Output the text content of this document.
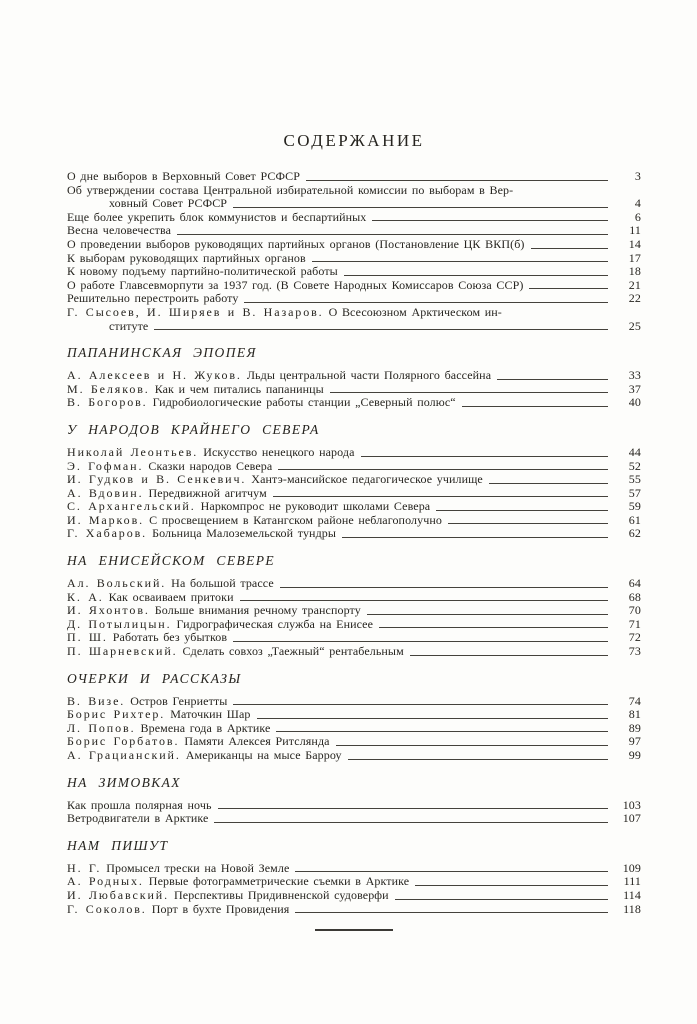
СОДЕРЖАНИЕ
О дне выборов в Верховный Совет РСФСР	3
Об утверждении состава Центральной избирательной комиссии по выборам в Вер-
ховный Совет РСФСР	4
Еще более укрепить блок коммунистов и беспартийных	6
Весна человечества	11
О проведении выборов руководящих партийных органов (Постановление ЦК ВКП(б)	14
К выборам руководящих партийных органов	17
К новому подъему партийно-политической работы	18
О работе Главсевморпути за 1937 год. (В Совете Народных Комиссаров Союза ССР)	21
Решительно перестроить работу	22
Г. Сысоев, И. Ширяев и В. Назаров. О Всесоюзном Арктическом ин-
ституте	25
ПАПАНИНСКАЯ ЭПОПЕЯ
А. Алексеев и Н. Жуков. Льды центральной части Полярного бассейна	33
М. Беляков. Как и чем питались папанинцы	37
В. Богоров. Гидробиологические работы станции „Северный полюс“	40
У НАРОДОВ КРАЙНЕГО СЕВЕРА
Николай Леонтьев. Искусство ненецкого народа	44
Э. Гофман. Сказки народов Севера	52
И. Гудков и В. Сенкевич. Хантэ-мансийское педагогическое училище	55
А. Вдовин. Передвижной агитчум	57
С. Архангельский. Наркомпрос не руководит школами Севера	59
И. Марков. С просвещением в Катангском районе неблагополучно	61
Г. Хабаров. Больница Малоземельской тундры	62
НА ЕНИСЕЙСКОМ СЕВЕРЕ
Ал. Вольский. На большой трассе	64
К. А. Как осваиваем притоки	68
И. Яхонтов. Больше внимания речному транспорту	70
Д. Потылицын. Гидрографическая служба на Енисее	71
П. Ш. Работать без убытков	72
П. Шарневский. Сделать совхоз „Таежный“ рентабельным	73
ОЧЕРКИ И РАССКАЗЫ
В. Визе. Остров Генриетты	74
Борис Рихтер. Маточкин Шар	81
Л. Попов. Времена года в Арктике	89
Борис Горбатов. Памяти Алексея Ритслянда	97
А. Грацианский. Американцы на мысе Барроу	99
НА ЗИМОВКАХ
Как прошла полярная ночь	103
Ветродвигатели в Арктике	107
НАМ ПИШУТ
Н. Г. Промысел трески на Новой Земле	109
А. Родных. Первые фотограмметрические съемки в Арктике	111
И. Любавский. Перспективы Придивненской судоверфи	114
Г. Соколов. Порт в бухте Провидения	118
